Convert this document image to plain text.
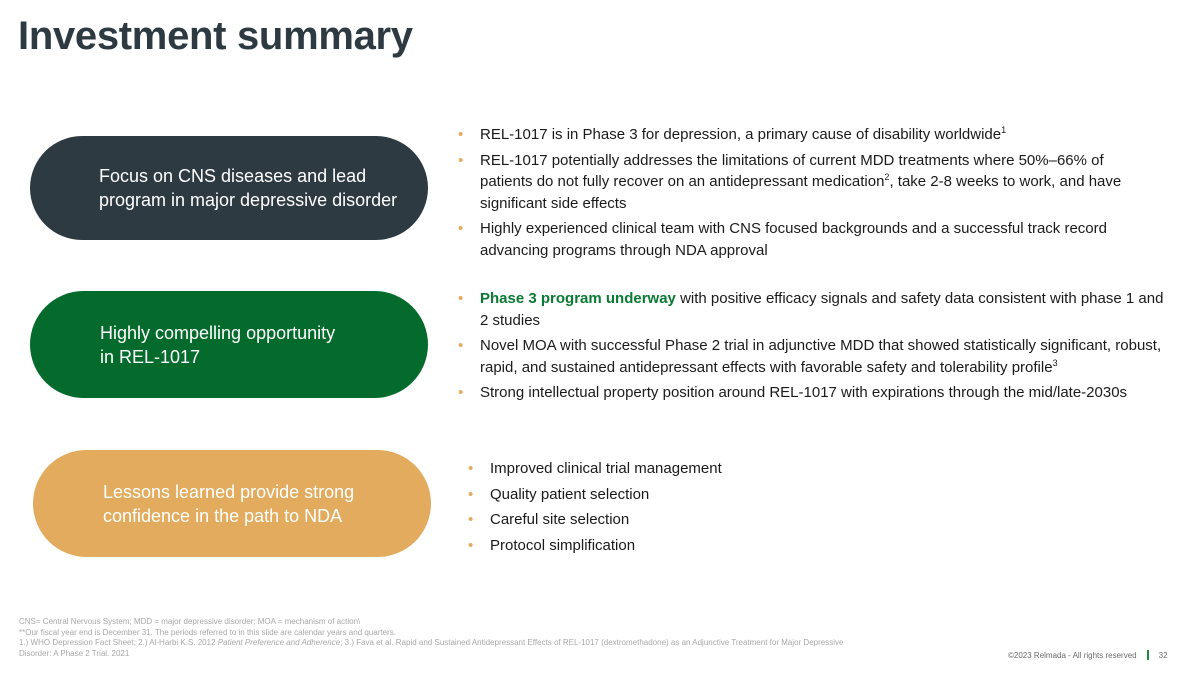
Investment summary
Focus on CNS diseases and lead
program in major depressive disorder
Highly compelling opportunity
in REL-1017
Lessons learned provide strong
confidence in the path to NDA
• REL-1017 is in Phase 3 for depression, a primary cause of disability worldwide$^1$
• REL-1017 potentially addresses the limitations of current MDD treatments where 50%–66% of patients do not fully recover on an antidepressant medication$^2$, take 2-8 weeks to work, and have significant side effects
• Highly experienced clinical team with CNS focused backgrounds and a successful track record advancing programs through NDA approval
• Phase 3 program underway with positive efficacy signals and safety data consistent with phase 1 and 2 studies
• Novel MOA with successful Phase 2 trial in adjunctive MDD that showed statistically significant, robust, rapid, and sustained antidepressant effects with favorable safety and tolerability profile$^3$
• Strong intellectual property position around REL-1017 with expirations through the mid/late-2030s
• Improved clinical trial management
• Quality patient selection
• Careful site selection
• Protocol simplification
CNS= Central Nervous System; MDD = major depressive disorder; MOA = mechanism of action\
**Our fiscal year end is December 31. The periods referred to in this slide are calendar years and quarters.
1.) WHO Depression Fact Sheet; 2.) Al-Harbi K.S. 2012 Patient Preference and Adherence; 3.) Fava et al. Rapid and Sustained Antidepressant Effects of REL-1017 (dextromethadone) as an Adjunctive Treatment for Major Depressive
Disorder: A Phase 2 Trial. 2021	©2023 Relmada - All rights reserved	32
